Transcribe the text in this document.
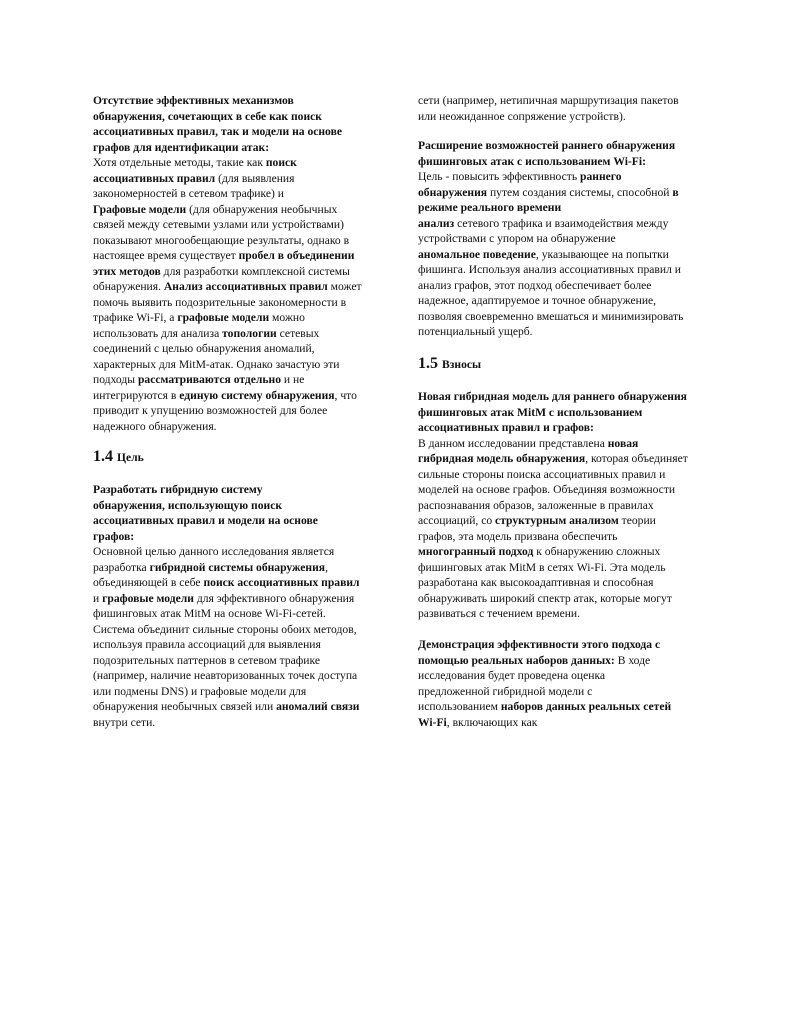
Отсутствие эффективных механизмов
обнаружения, сочетающих в себе как поиск
ассоциативных правил, так и модели на основе
графов для идентификации атак:
Хотя отдельные методы, такие как поиск
ассоциативных правил (для выявления
закономерностей в сетевом трафике) и
Графовые модели (для обнаружения необычных
связей между сетевыми узлами или устройствами)
показывают многообещающие результаты, однако в
настоящее время существует пробел в объединении
этих методов для разработки комплексной системы
обнаружения. Анализ ассоциативных правил может
помочь выявить подозрительные закономерности в
трафике Wi-Fi, а графовые модели можно
использовать для анализа топологии сетевых
соединений с целью обнаружения аномалий,
характерных для MitM-атак. Однако зачастую эти
подходы рассматриваются отдельно и не
интегрируются в единую систему обнаружения, что
приводит к упущению возможностей для более
надежного обнаружения.
1.4 Цель
Разработать гибридную систему
обнаружения, использующую поиск
ассоциативных правил и модели на основе
графов:
Основной целью данного исследования является
разработка гибридной системы обнаружения,
объединяющей в себе поиск ассоциативных правил
и графовые модели для эффективного обнаружения
фишинговых атак MitM на основе Wi-Fi-сетей.
Система объединит сильные стороны обоих методов,
используя правила ассоциаций для выявления
подозрительных паттернов в сетевом трафике
(например, наличие неавторизованных точек доступа
или подмены DNS) и графовые модели для
обнаружения необычных связей или аномалий связи
внутри сети.
сети (например, нетипичная маршрутизация пакетов
или неожиданное сопряжение устройств).
Расширение возможностей раннего обнаружения
фишинговых атак с использованием Wi-Fi:
Цель - повысить эффективность раннего
обнаружения путем создания системы, способной в
режиме реального времени
анализ сетевого трафика и взаимодействия между
устройствами с упором на обнаружение
аномальное поведение, указывающее на попытки
фишинга. Используя анализ ассоциативных правил и
анализ графов, этот подход обеспечивает более
надежное, адаптируемое и точное обнаружение,
позволяя своевременно вмешаться и минимизировать
потенциальный ущерб.
1.5 Взносы
Новая гибридная модель для раннего обнаружения
фишинговых атак MitM с использованием
ассоциативных правил и графов:
В данном исследовании представлена новая
гибридная модель обнаружения, которая объединяет
сильные стороны поиска ассоциативных правил и
моделей на основе графов. Объединяя возможности
распознавания образов, заложенные в правилах
ассоциаций, со структурным анализом теории
графов, эта модель призвана обеспечить
многогранный подход к обнаружению сложных
фишинговых атак MitM в сетях Wi-Fi. Эта модель
разработана как высокоадаптивная и способная
обнаруживать широкий спектр атак, которые могут
развиваться с течением времени.
Демонстрация эффективности этого подхода с
помощью реальных наборов данных: В ходе
исследования будет проведена оценка
предложенной гибридной модели с
использованием наборов данных реальных сетей
Wi-Fi, включающих как
